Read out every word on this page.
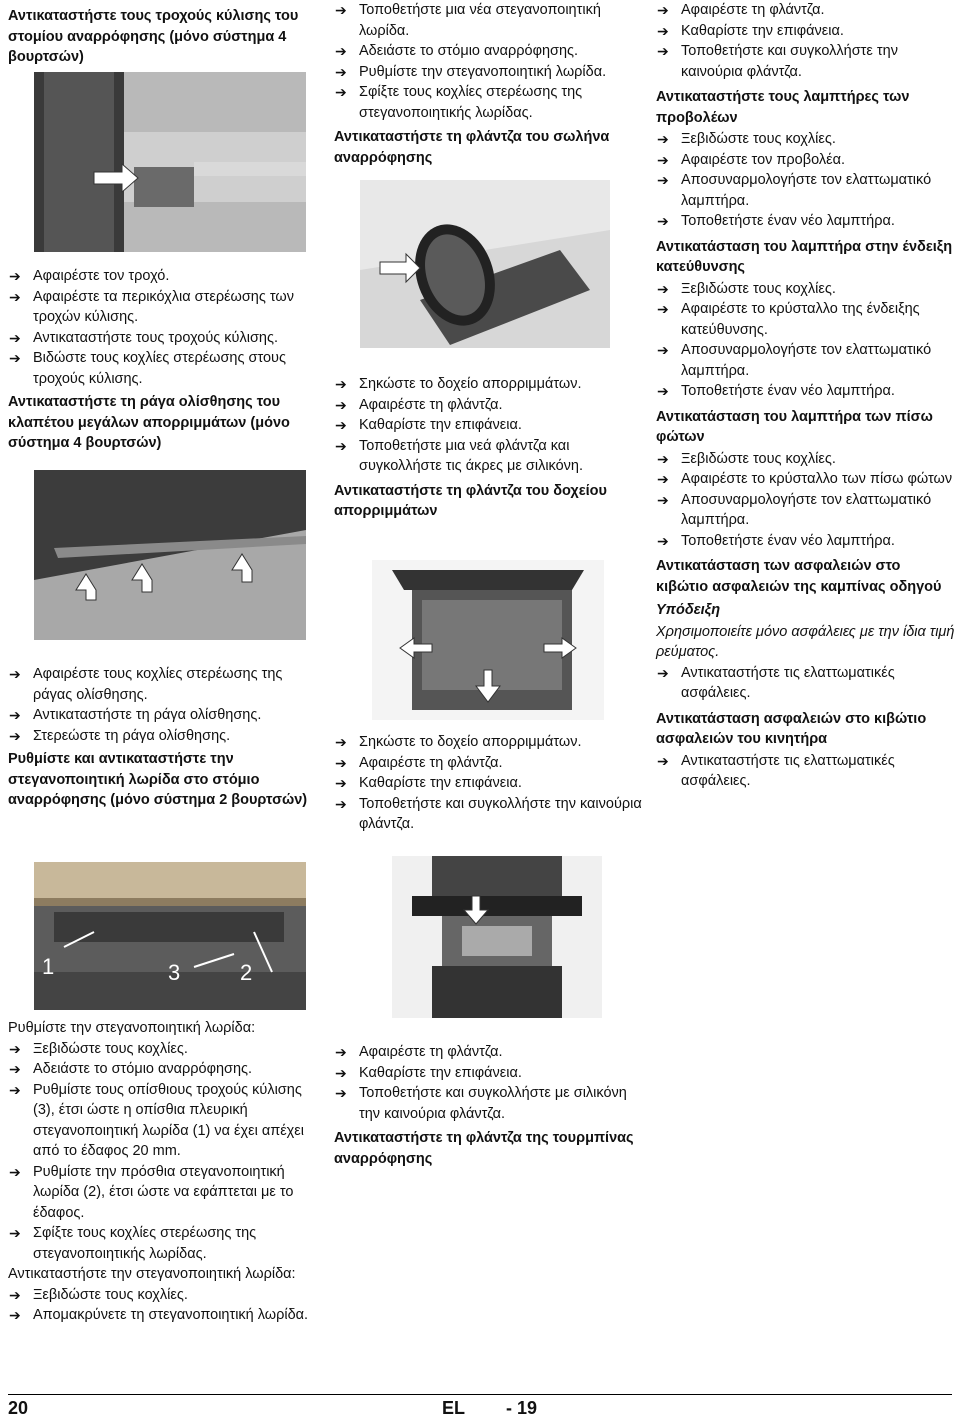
Αντικαταστήστε τους τροχούς κύλισης του στομίου αναρρόφησης (μόνο σύστημα 4 βουρτσών)
➔ Αφαιρέστε τον τροχό.
➔ Αφαιρέστε τα περικόχλια στερέωσης των τροχών κύλισης.
➔ Αντικαταστήστε τους τροχούς κύλισης.
➔ Βιδώστε τους κοχλίες στερέωσης στους τροχούς κύλισης.
Αντικαταστήστε τη ράγα ολίσθησης του κλαπέτου μεγάλων απορριμμάτων (μόνο σύστημα 4 βουρτσών)
➔ Αφαιρέστε τους κοχλίες στερέωσης της ράγας ολίσθησης.
➔ Αντικαταστήστε τη ράγα ολίσθησης.
➔ Στερεώστε τη ράγα ολίσθησης.
Ρυθμίστε και αντικαταστήστε την στεγανοποιητική λωρίδα στο στόμιο αναρρόφησης (μόνο σύστημα 2 βουρτσών)
1	3	2
Ρυθμίστε την στεγανοποιητική λωρίδα:
➔ Ξεβιδώστε τους κοχλίες.
➔ Αδειάστε το στόμιο αναρρόφησης.
➔ Ρυθμίστε τους οπίσθιους τροχούς κύλισης (3), έτσι ώστε η οπίσθια πλευρική στεγανοποιητική λωρίδα (1) να έχει απέχει από το έδαφος 20 mm.
➔ Ρυθμίστε την πρόσθια στεγανοποιητική λωρίδα (2), έτσι ώστε να εφάπτεται με το έδαφος.
➔ Σφίξτε τους κοχλίες στερέωσης της στεγανοποιητικής λωρίδας.
Αντικαταστήστε την στεγανοποιητική λωρίδα:
➔ Ξεβιδώστε τους κοχλίες.
➔ Απομακρύνετε τη στεγανοποιητική λωρίδα.
➔ Τοποθετήστε μια νέα στεγανοποιητική λωρίδα.
➔ Αδειάστε το στόμιο αναρρόφησης.
➔ Ρυθμίστε την στεγανοποιητική λωρίδα.
➔ Σφίξτε τους κοχλίες στερέωσης της στεγανοποιητικής λωρίδας.
Αντικαταστήστε τη φλάντζα του σωλήνα αναρρόφησης
➔ Σηκώστε το δοχείο απορριμμάτων.
➔ Αφαιρέστε τη φλάντζα.
➔ Καθαρίστε την επιφάνεια.
➔ Τοποθετήστε μια νεά φλάντζα και συγκολλήστε τις άκρες με σιλικόνη.
Αντικαταστήστε τη φλάντζα του δοχείου απορριμμάτων
➔ Σηκώστε το δοχείο απορριμμάτων.
➔ Αφαιρέστε τη φλάντζα.
➔ Καθαρίστε την επιφάνεια.
➔ Τοποθετήστε και συγκολλήστε την καινούρια φλάντζα.
➔ Αφαιρέστε τη φλάντζα.
➔ Καθαρίστε την επιφάνεια.
➔ Τοποθετήστε και συγκολλήστε με σιλικόνη την καινούρια φλάντζα.
Αντικαταστήστε τη φλάντζα της τουρμπίνας αναρρόφησης
➔ Αφαιρέστε τη φλάντζα.
➔ Καθαρίστε την επιφάνεια.
➔ Τοποθετήστε και συγκολλήστε την καινούρια φλάντζα.
Αντικαταστήστε τους λαμπτήρες των προβολέων
➔ Ξεβιδώστε τους κοχλίες.
➔ Αφαιρέστε τον προβολέα.
➔ Αποσυναρμολογήστε τον ελαττωματικό λαμπτήρα.
➔ Τοποθετήστε έναν νέο λαμπτήρα.
Αντικατάσταση του λαμπτήρα στην ένδειξη κατεύθυνσης
➔ Ξεβιδώστε τους κοχλίες.
➔ Αφαιρέστε το κρύσταλλο της ένδειξης κατεύθυνσης.
➔ Αποσυναρμολογήστε τον ελαττωματικό λαμπτήρα.
➔ Τοποθετήστε έναν νέο λαμπτήρα.
Αντικατάσταση του λαμπτήρα των πίσω φώτων
➔ Ξεβιδώστε τους κοχλίες.
➔ Αφαιρέστε το κρύσταλλο των πίσω φώτων
➔ Αποσυναρμολογήστε τον ελαττωματικό λαμπτήρα.
➔ Τοποθετήστε έναν νέο λαμπτήρα.
Αντικατάσταση των ασφαλειών στο κιβώτιο ασφαλειών της καμπίνας οδηγού
Υπόδειξη
Χρησιμοποιείτε μόνο ασφάλειες με την ίδια τιμή ρεύματος.
➔ Αντικαταστήστε τις ελαττωματικές ασφάλειες.
Αντικατάσταση ασφαλειών στο κιβώτιο ασφαλειών του κινητήρα
➔ Αντικαταστήστε τις ελαττωματικές ασφάλειες.
20	EL - 19
